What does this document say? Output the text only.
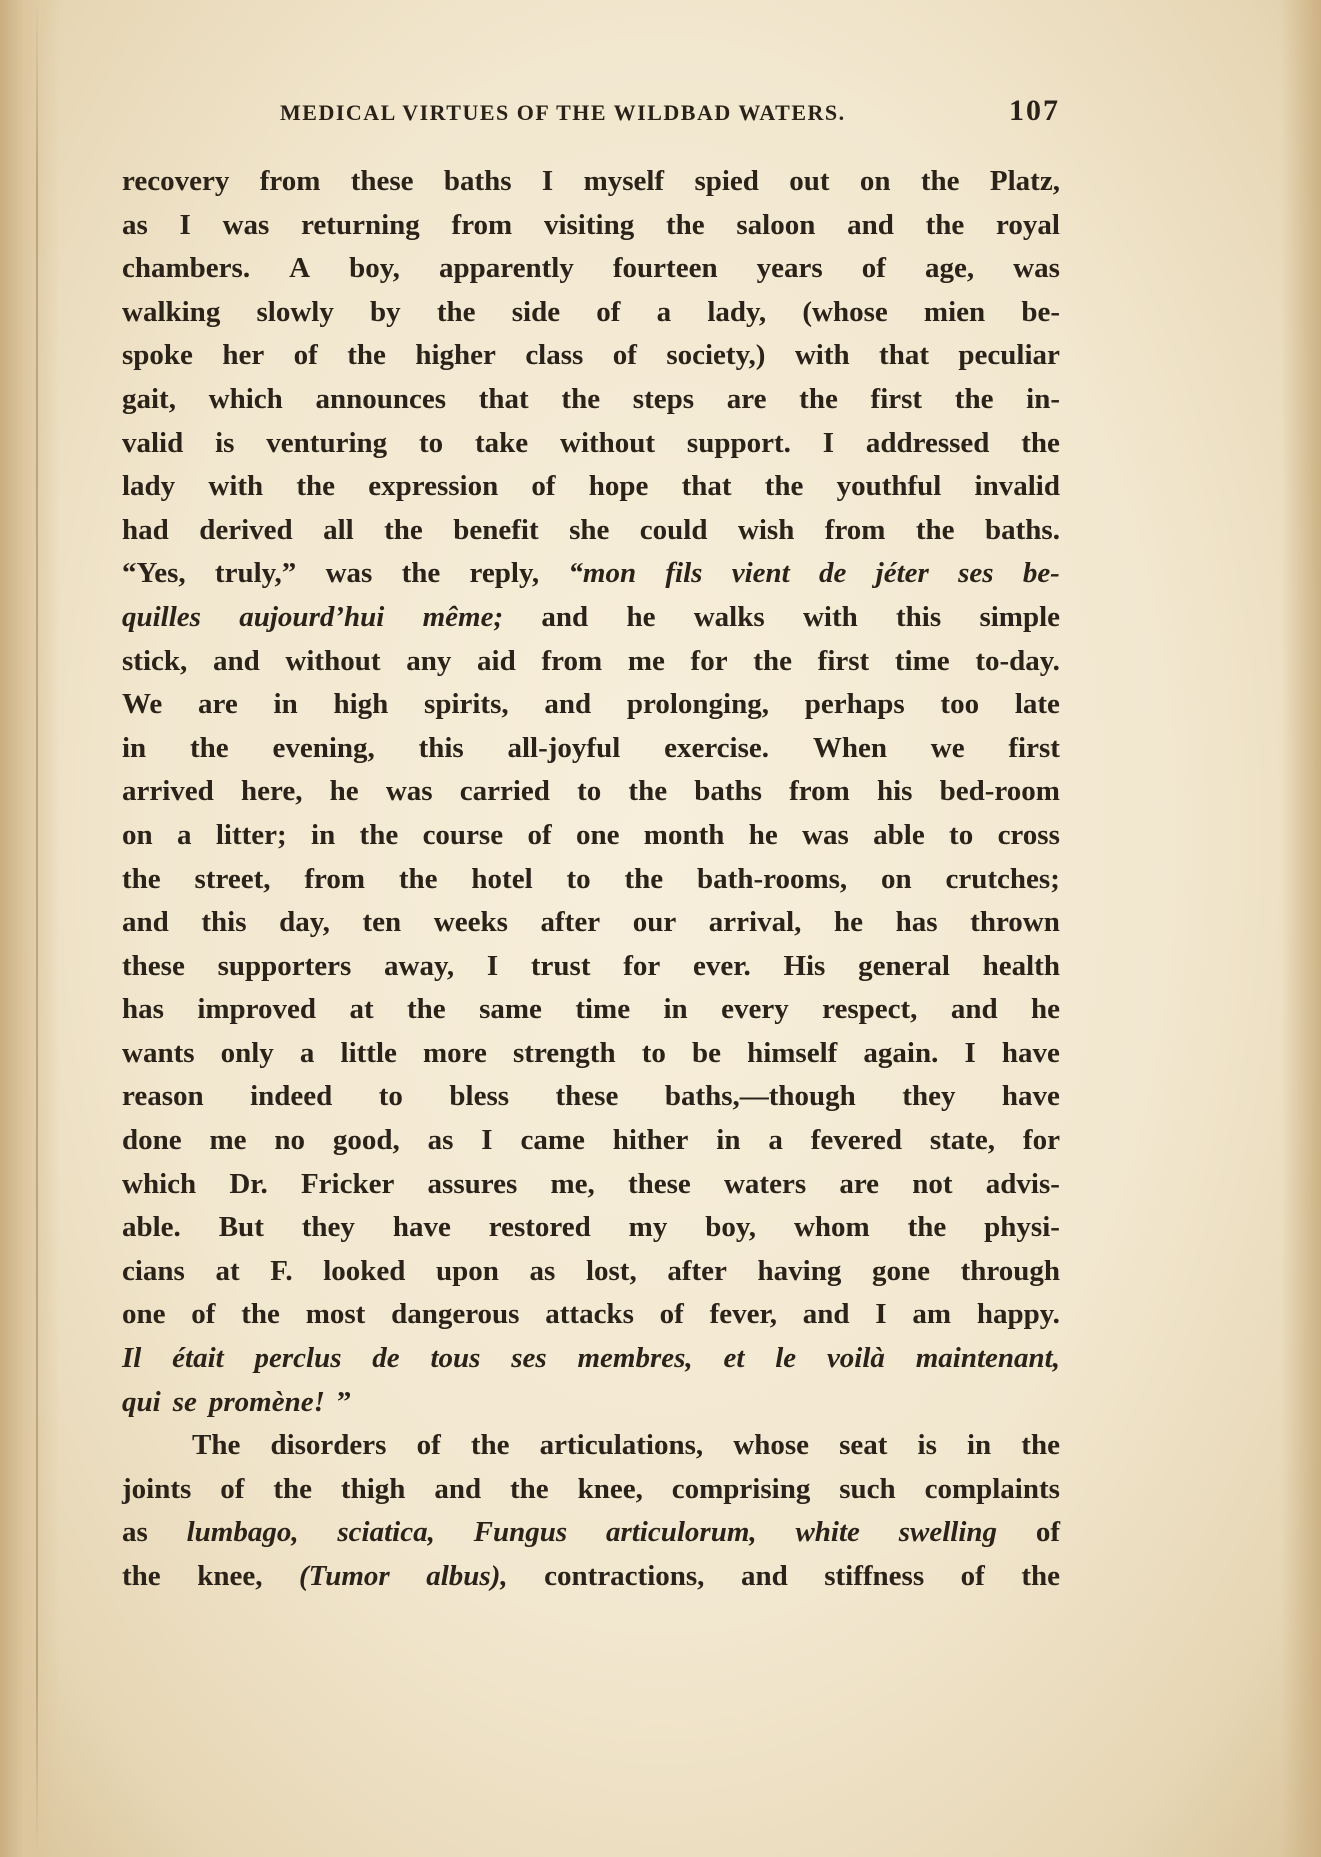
MEDICAL VIRTUES OF THE WILDBAD WATERS.	107
recovery from these baths I myself spied out on the Platz,
as I was returning from visiting the saloon and the royal
chambers. A boy, apparently fourteen years of age, was
walking slowly by the side of a lady, (whose mien be-
spoke her of the higher class of society,) with that peculiar
gait, which announces that the steps are the first the in-
valid is venturing to take without support. I addressed the
lady with the expression of hope that the youthful invalid
had derived all the benefit she could wish from the baths.
“Yes, truly,” was the reply, “mon fils vient de jéter ses be-
quilles aujourd’hui même; and he walks with this simple
stick, and without any aid from me for the first time to-day.
We are in high spirits, and prolonging, perhaps too late
in the evening, this all-joyful exercise. When we first
arrived here, he was carried to the baths from his bed-room
on a litter; in the course of one month he was able to cross
the street, from the hotel to the bath-rooms, on crutches;
and this day, ten weeks after our arrival, he has thrown
these supporters away, I trust for ever. His general health
has improved at the same time in every respect, and he
wants only a little more strength to be himself again. I have
reason indeed to bless these baths,—though they have
done me no good, as I came hither in a fevered state, for
which Dr. Fricker assures me, these waters are not advis-
able. But they have restored my boy, whom the physi-
cians at F. looked upon as lost, after having gone through
one of the most dangerous attacks of fever, and I am happy.
Il était perclus de tous ses membres, et le voilà maintenant,
qui se promène! ”
The disorders of the articulations, whose seat is in the
joints of the thigh and the knee, comprising such complaints
as lumbago, sciatica, Fungus articulorum, white swelling of
the knee, (Tumor albus), contractions, and stiffness of the
